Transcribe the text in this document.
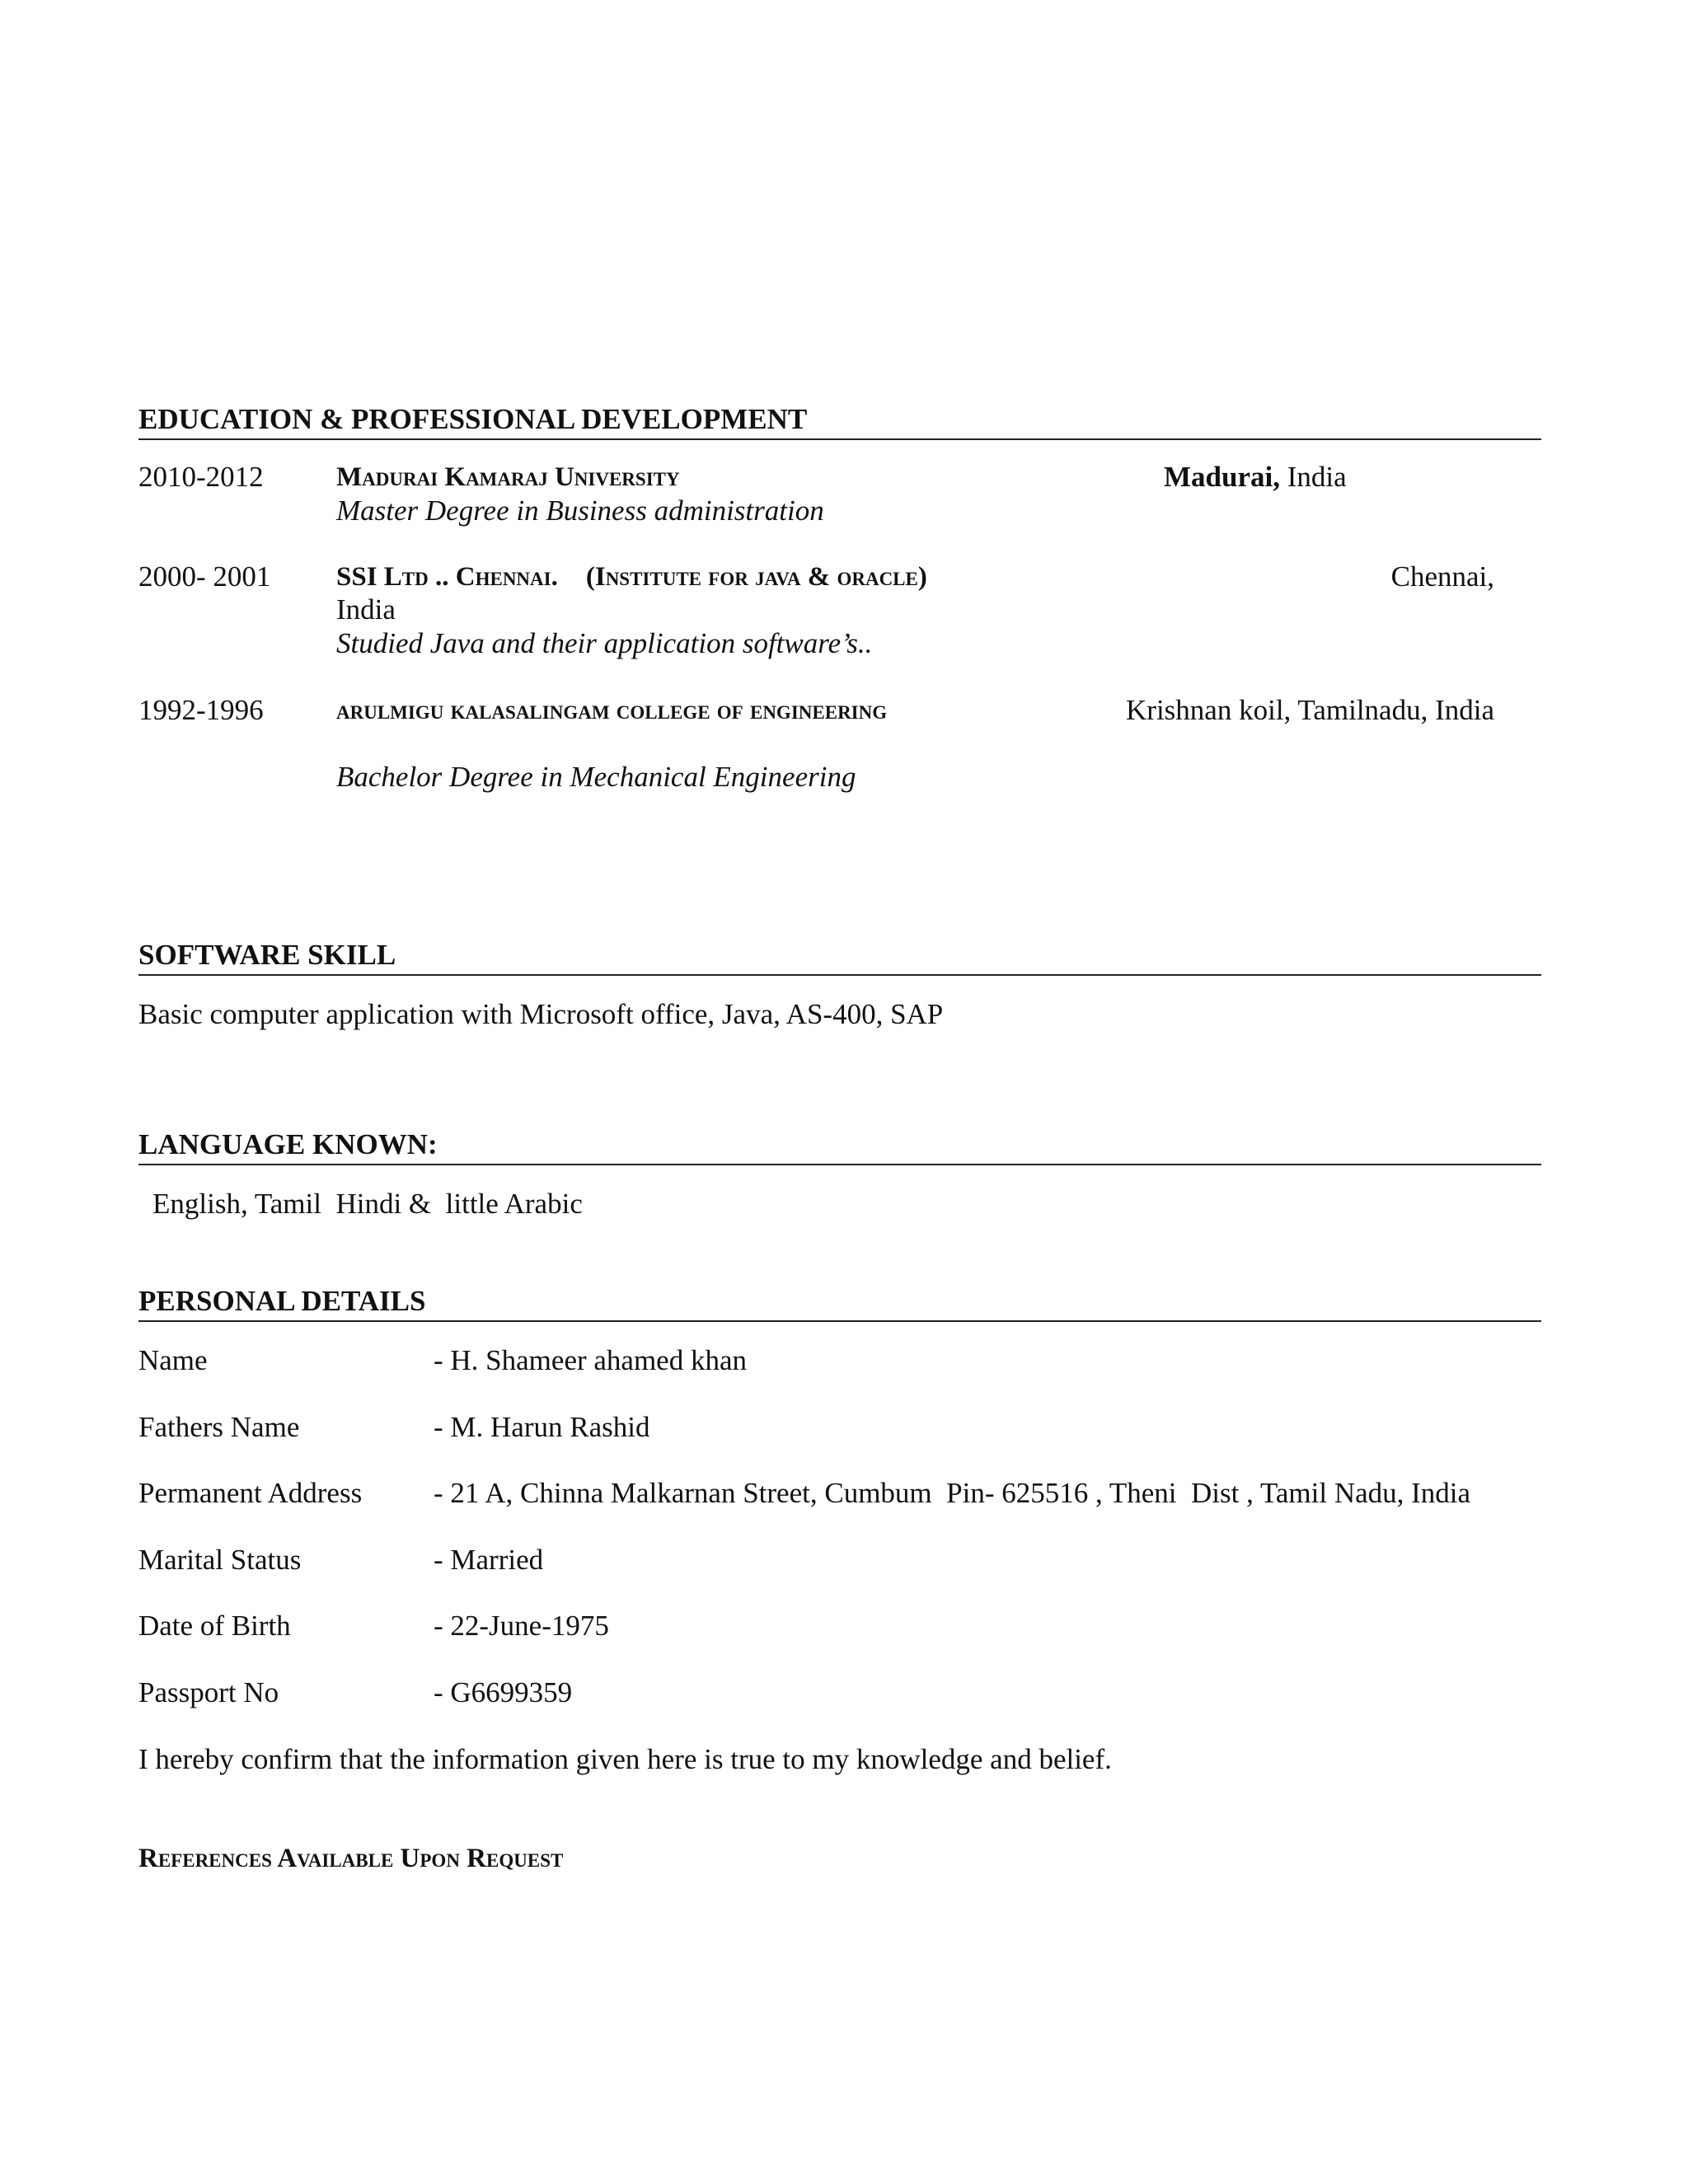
EDUCATION & PROFESSIONAL DEVELOPMENT
2010-2012	Madurai Kamaraj University	Madurai, India
Master Degree in Business administration
2000- 2001 SSI Ltd .. Chennai. (Institute for java & oracle)	Chennai,
India
Studied Java and their application software’s..
1992-1996	arulmigu kalasalingam college of engineering	Krishnan koil, Tamilnadu, India
Bachelor Degree in Mechanical Engineering
SOFTWARE SKILL
Basic computer application with Microsoft office, Java, AS-400, SAP
LANGUAGE KNOWN:
English, Tamil  Hindi &  little Arabic
PERSONAL DETAILS
Name	- H. Shameer ahamed khan
Fathers Name	- M. Harun Rashid
Permanent Address - 21 A, Chinna Malkarnan Street, Cumbum  Pin- 625516 , Theni  Dist , Tamil Nadu, India
Marital Status	- Married
Date of Birth	- 22-June-1975
Passport No	- G6699359
I hereby confirm that the information given here is true to my knowledge and belief.
References Available Upon Request
